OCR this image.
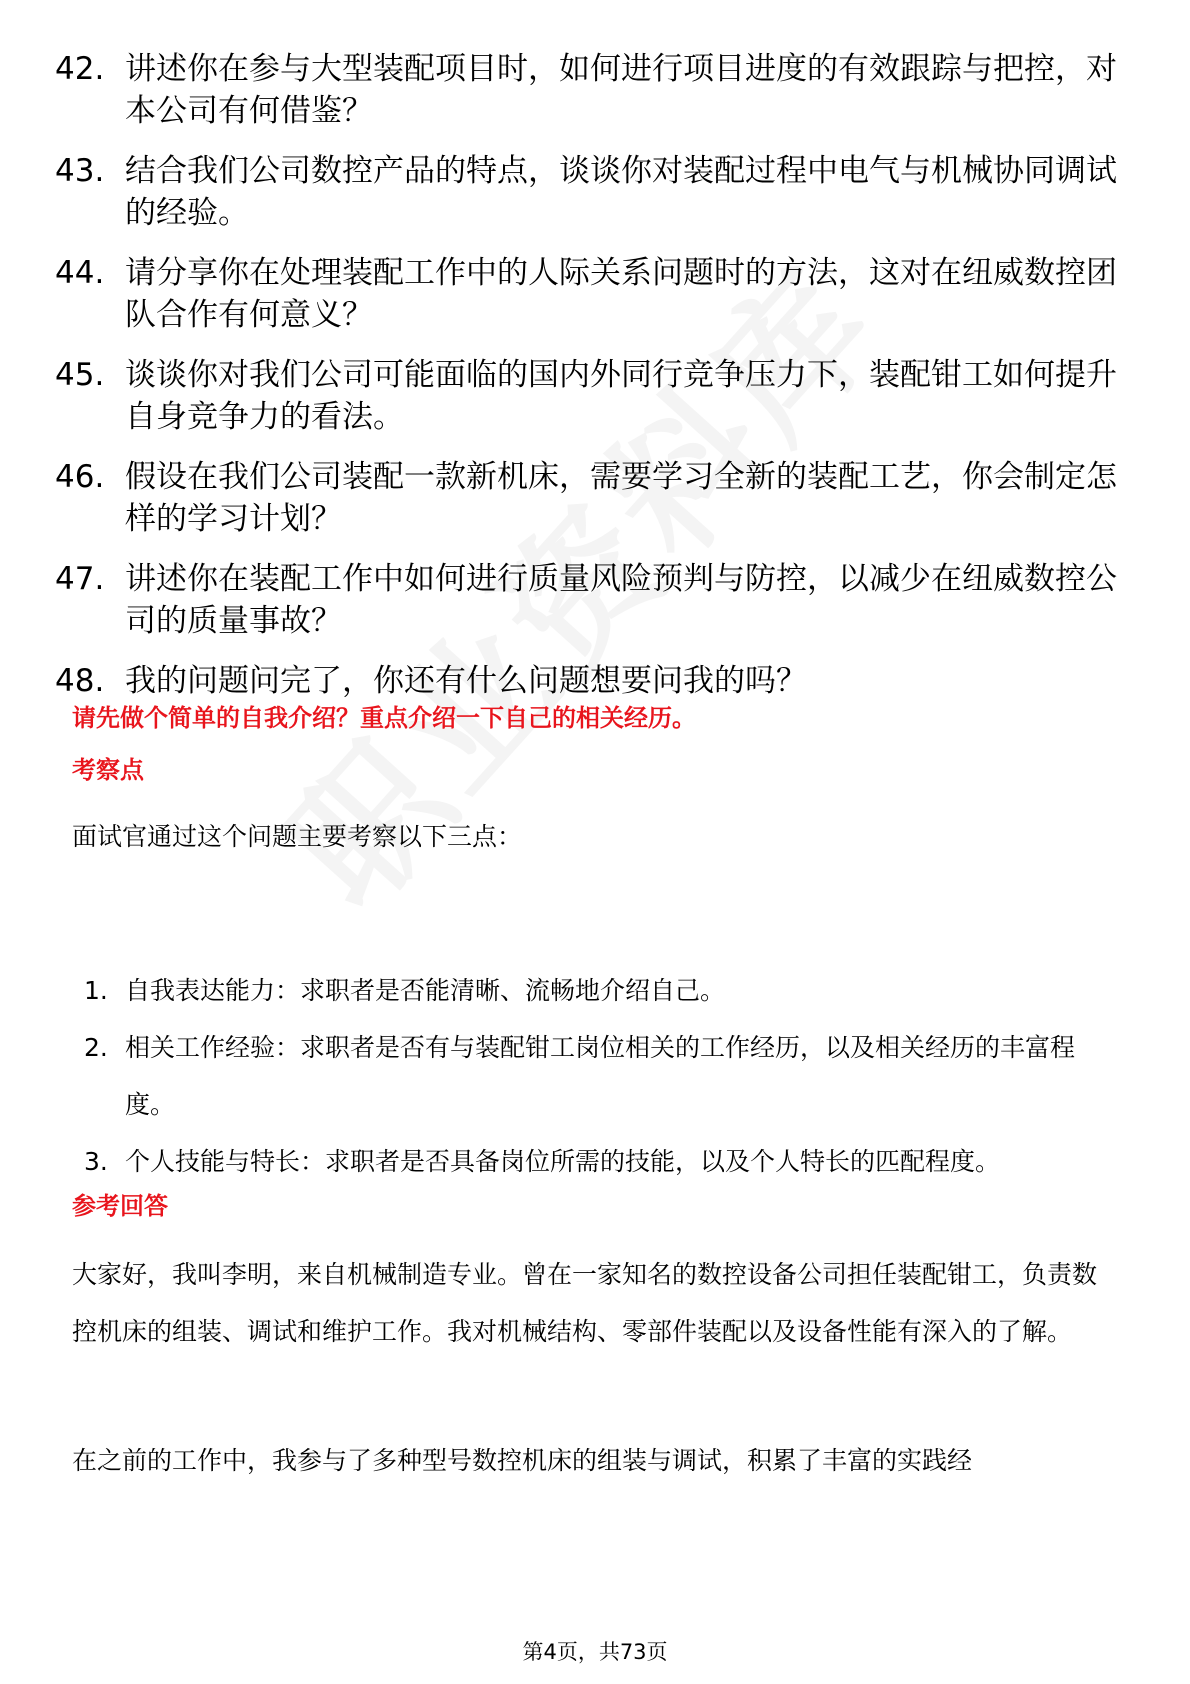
42. 讲述你在参与大型装配项目时，如何进行项目进度的有效跟踪与把控，对本公司有何借鉴？
43. 结合我们公司数控产品的特点，谈谈你对装配过程中电气与机械协同调试的经验。
44. 请分享你在处理装配工作中的人际关系问题时的方法，这对在纽威数控团队合作有何意义？
45. 谈谈你对我们公司可能面临的国内外同行竞争压力下，装配钳工如何提升自身竞争力的看法。
46. 假设在我们公司装配一款新机床，需要学习全新的装配工艺，你会制定怎样的学习计划？
47. 讲述你在装配工作中如何进行质量风险预判与防控，以减少在纽威数控公司的质量事故？
48. 我的问题问完了，你还有什么问题想要问我的吗？
请先做个简单的自我介绍？重点介绍一下自己的相关经历。
考察点

面试官通过这个问题主要考察以下三点：

1. 自我表达能力：求职者是否能清晰、流畅地介绍自己。
2. 相关工作经验：求职者是否有与装配钳工岗位相关的工作经历，以及相关经历的丰富程度。
3. 个人技能与特长：求职者是否具备岗位所需的技能，以及个人特长的匹配程度。
参考回答

大家好，我叫李明，来自机械制造专业。曾在一家知名的数控设备公司担任装配钳工，负责数控机床的组装、调试和维护工作。我对机械结构、零部件装配以及设备性能有深入的了解。

在之前的工作中，我参与了多种型号数控机床的组装与调试，积累了丰富的实践经

第4页，共73页
